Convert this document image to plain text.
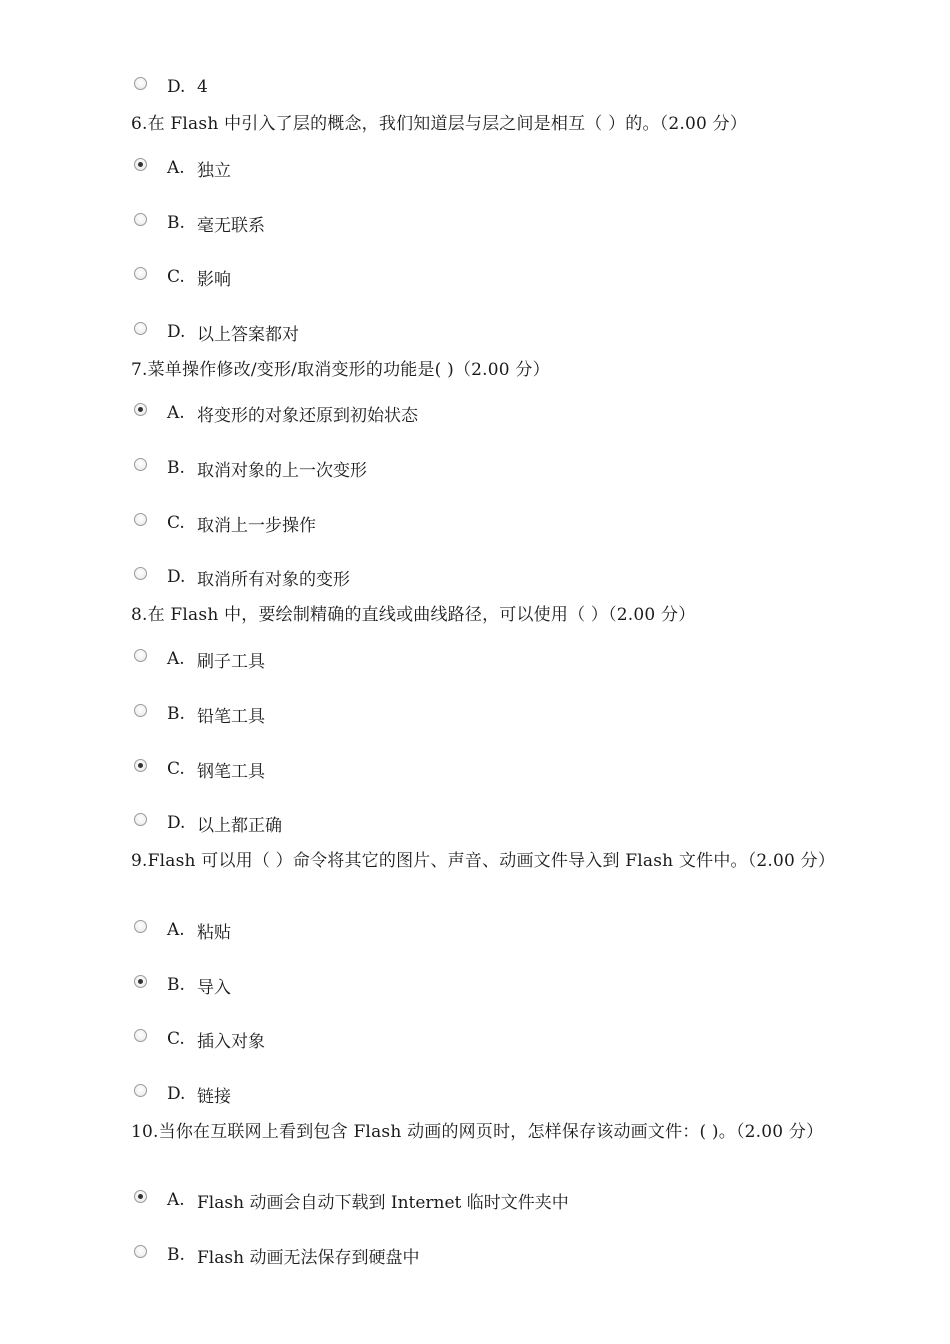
D. 4
6.在 Flash 中引入了层的概念，我们知道层与层之间是相互（ ）的。（2.00 分）
A. 独立
B. 毫无联系
C. 影响
D. 以上答案都对
7.菜单操作修改/变形/取消变形的功能是( )（2.00 分）
A. 将变形的对象还原到初始状态
B. 取消对象的上一次变形
C. 取消上一步操作
D. 取消所有对象的变形
8.在 Flash 中，要绘制精确的直线或曲线路径，可以使用（ ）（2.00 分）
A. 刷子工具
B. 铅笔工具
C. 钢笔工具
D. 以上都正确
9.Flash 可以用（ ）命令将其它的图片、声音、动画文件导入到 Flash 文件中。（2.00 分）
A. 粘贴
B. 导入
C. 插入对象
D. 链接
10.当你在互联网上看到包含 Flash 动画的网页时，怎样保存该动画文件：( )。（2.00 分）
A. Flash 动画会自动下载到 Internet 临时文件夹中
B. Flash 动画无法保存到硬盘中
